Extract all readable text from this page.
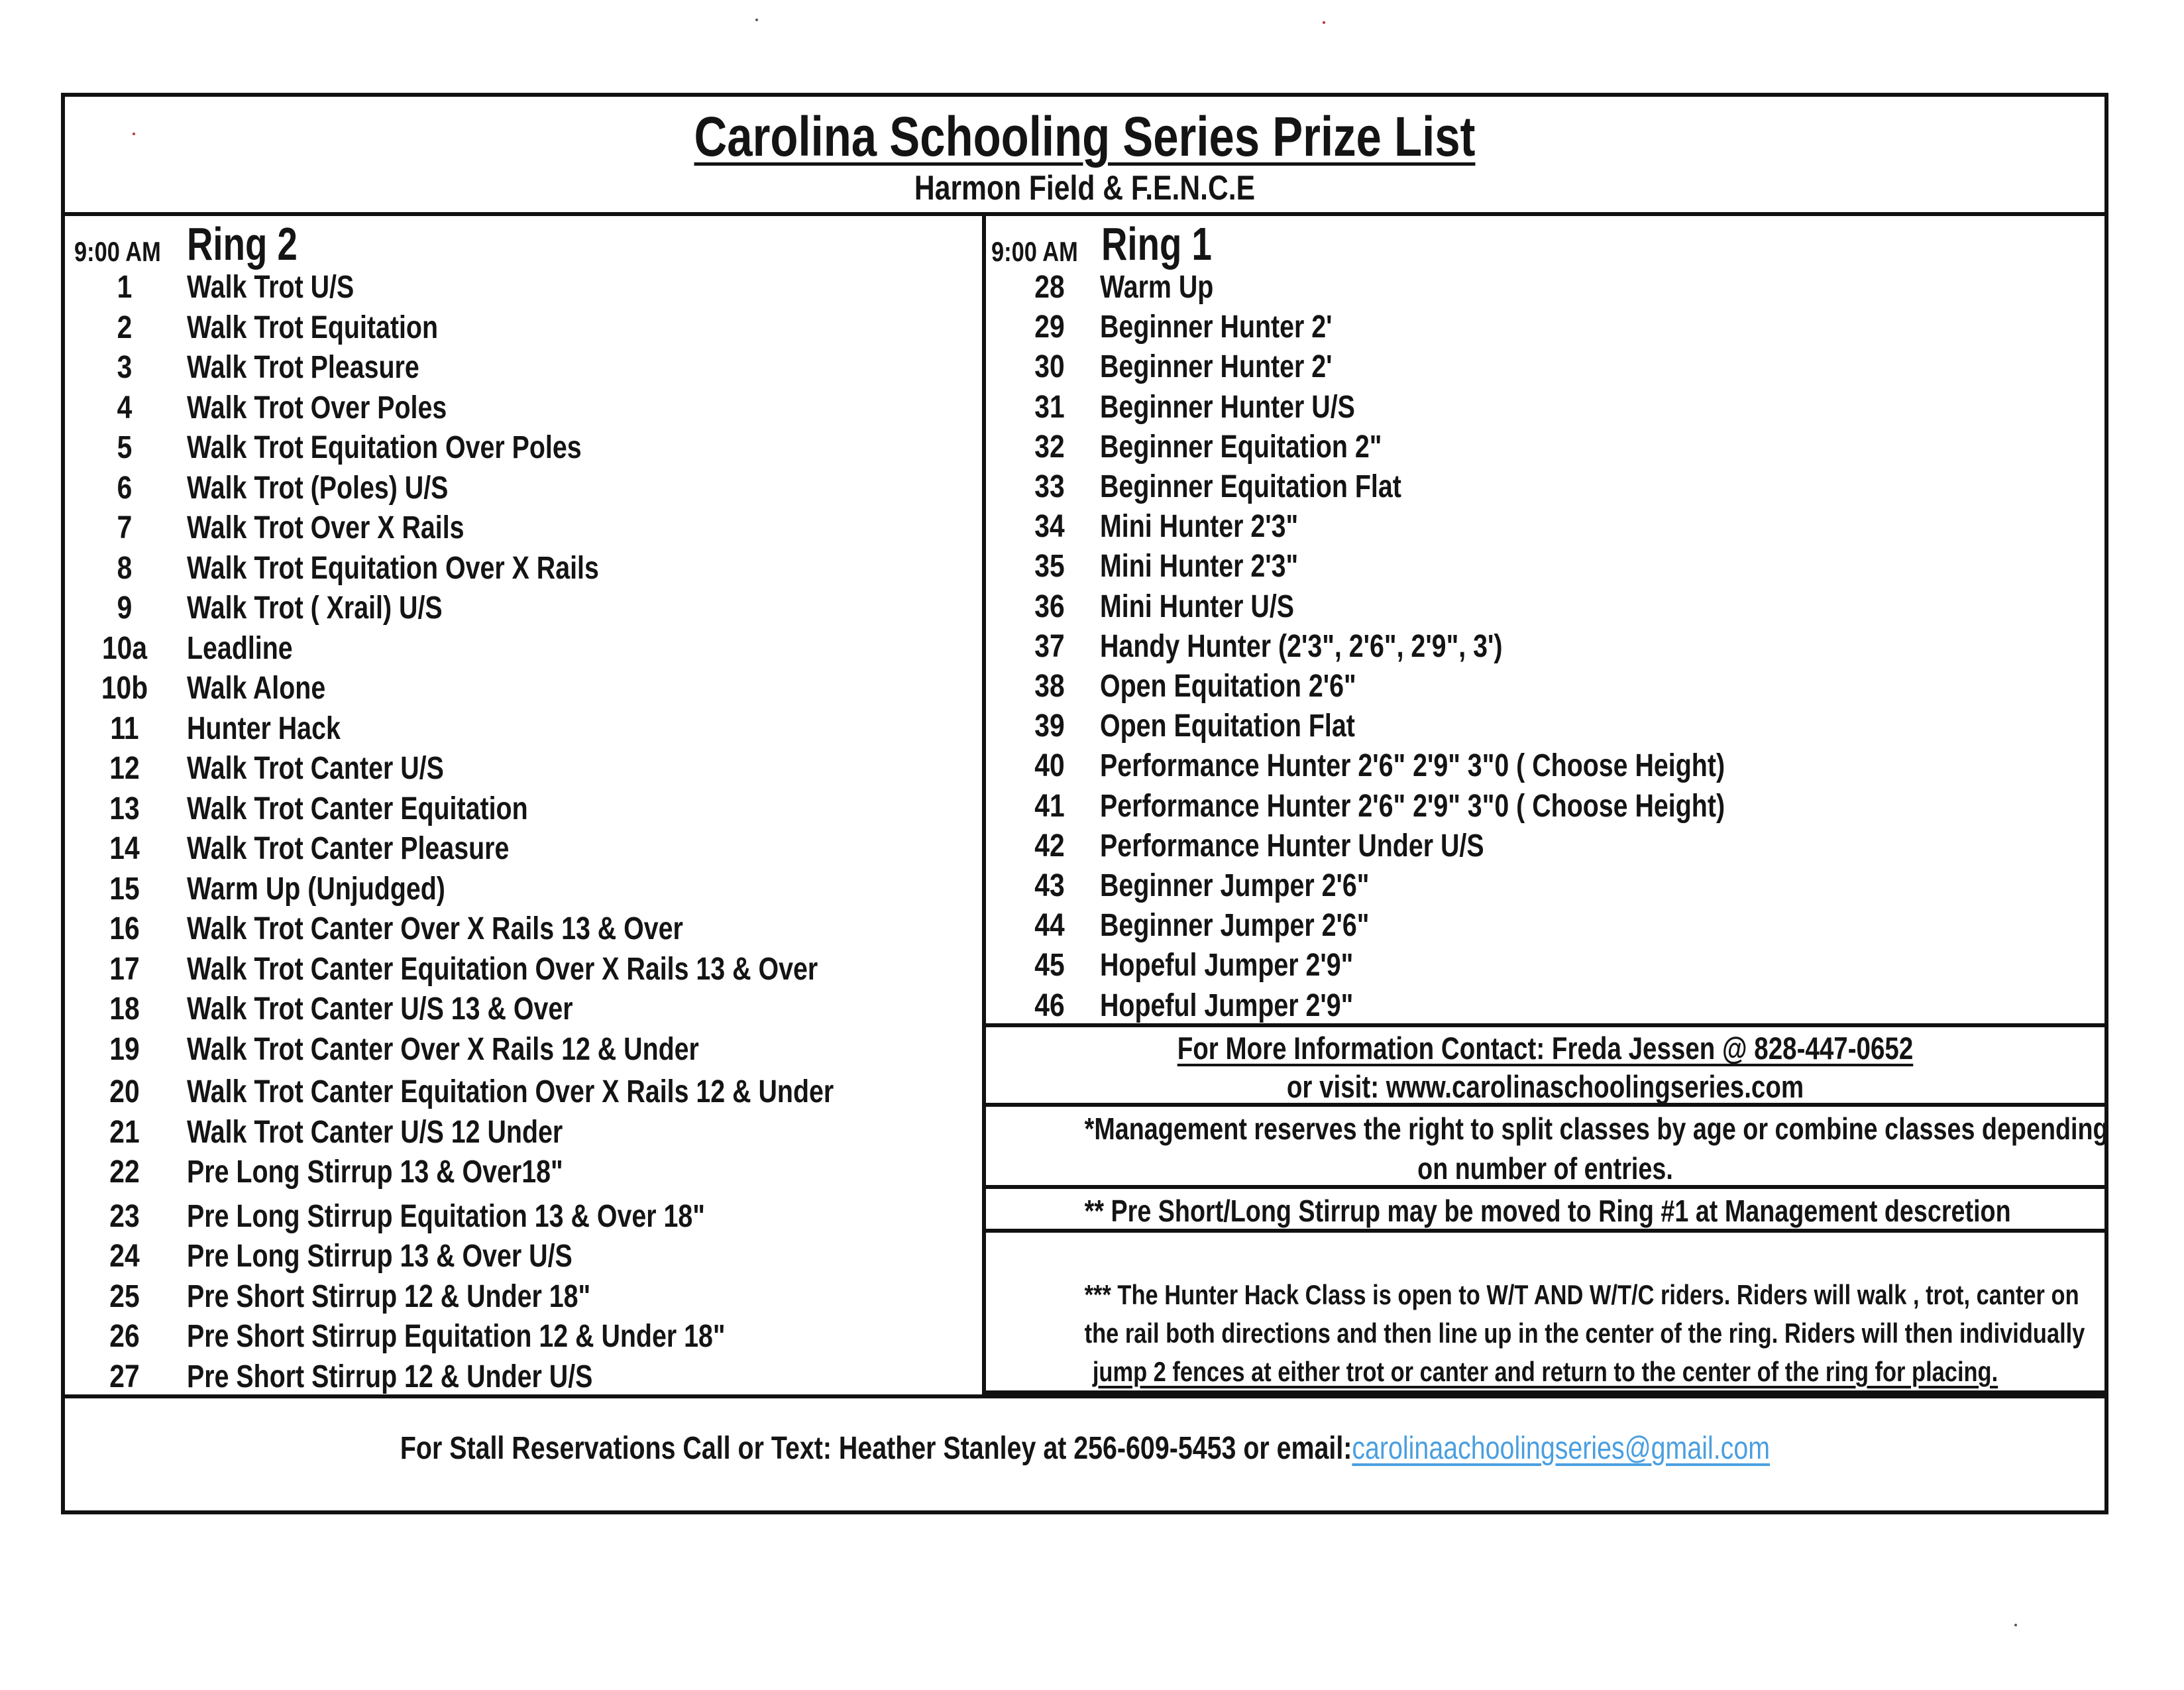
Carolina Schooling Series Prize List
Harmon Field & F.E.N.C.E
9:00 AM Ring 2
1	Walk Trot U/S
2	Walk Trot Equitation
3	Walk Trot Pleasure
4	Walk Trot Over Poles
5	Walk Trot Equitation Over Poles
6	Walk Trot (Poles) U/S
7	Walk Trot Over X Rails
8	Walk Trot Equitation Over X Rails
9	Walk Trot ( Xrail) U/S
10a	Leadline
10b	Walk Alone
11	Hunter Hack
12	Walk Trot Canter U/S
13	Walk Trot Canter Equitation
14	Walk Trot Canter Pleasure
15	Warm Up (Unjudged)
16	Walk Trot Canter Over X Rails 13 & Over
17	Walk Trot Canter Equitation Over X Rails 13 & Over
18	Walk Trot Canter U/S 13 & Over
19	Walk Trot Canter Over X Rails 12 & Under
20	Walk Trot Canter Equitation Over X Rails 12 & Under
21	Walk Trot Canter U/S 12 Under
22	Pre Long Stirrup 13 & Over18"
23	Pre Long Stirrup Equitation 13 & Over 18"
24	Pre Long Stirrup 13 & Over U/S
25	Pre Short Stirrup 12 & Under 18"
26	Pre Short Stirrup Equitation 12 & Under 18"
27	Pre Short Stirrup 12 & Under U/S
9:00 AM Ring 1
28	Warm Up
29	Beginner Hunter 2'
30	Beginner Hunter 2'
31	Beginner Hunter U/S
32	Beginner Equitation 2"
33	Beginner Equitation Flat
34	Mini Hunter 2'3"
35	Mini Hunter 2'3"
36	Mini Hunter U/S
37	Handy Hunter (2'3", 2'6", 2'9", 3')
38	Open Equitation 2'6"
39	Open Equitation Flat
40	Performance Hunter 2'6" 2'9" 3"0 ( Choose Height)
41	Performance Hunter 2'6" 2'9" 3"0 ( Choose Height)
42	Performance Hunter Under U/S
43	Beginner Jumper 2'6"
44	Beginner Jumper 2'6"
45	Hopeful Jumper 2'9"
46	Hopeful Jumper 2'9"

For More Information Contact: Freda Jessen @ 828-447-0652

or visit: www.carolinaschoolingseries.com

*Management reserves the right to split classes by age or combine classes depending

on number of entries.

** Pre Short/Long Stirrup may be moved to Ring #1 at Management descretion

*** The Hunter Hack Class is open to W/T AND W/T/C riders. Riders will walk , trot, canter on

the rail both directions and then line up in the center of the ring. Riders will then individually

jump 2 fences at either trot or canter and return to the center of the ring for placing.

For Stall Reservations Call or Text: Heather Stanley at 256-609-5453 or email:carolinaachoolingseries@gmail.com
